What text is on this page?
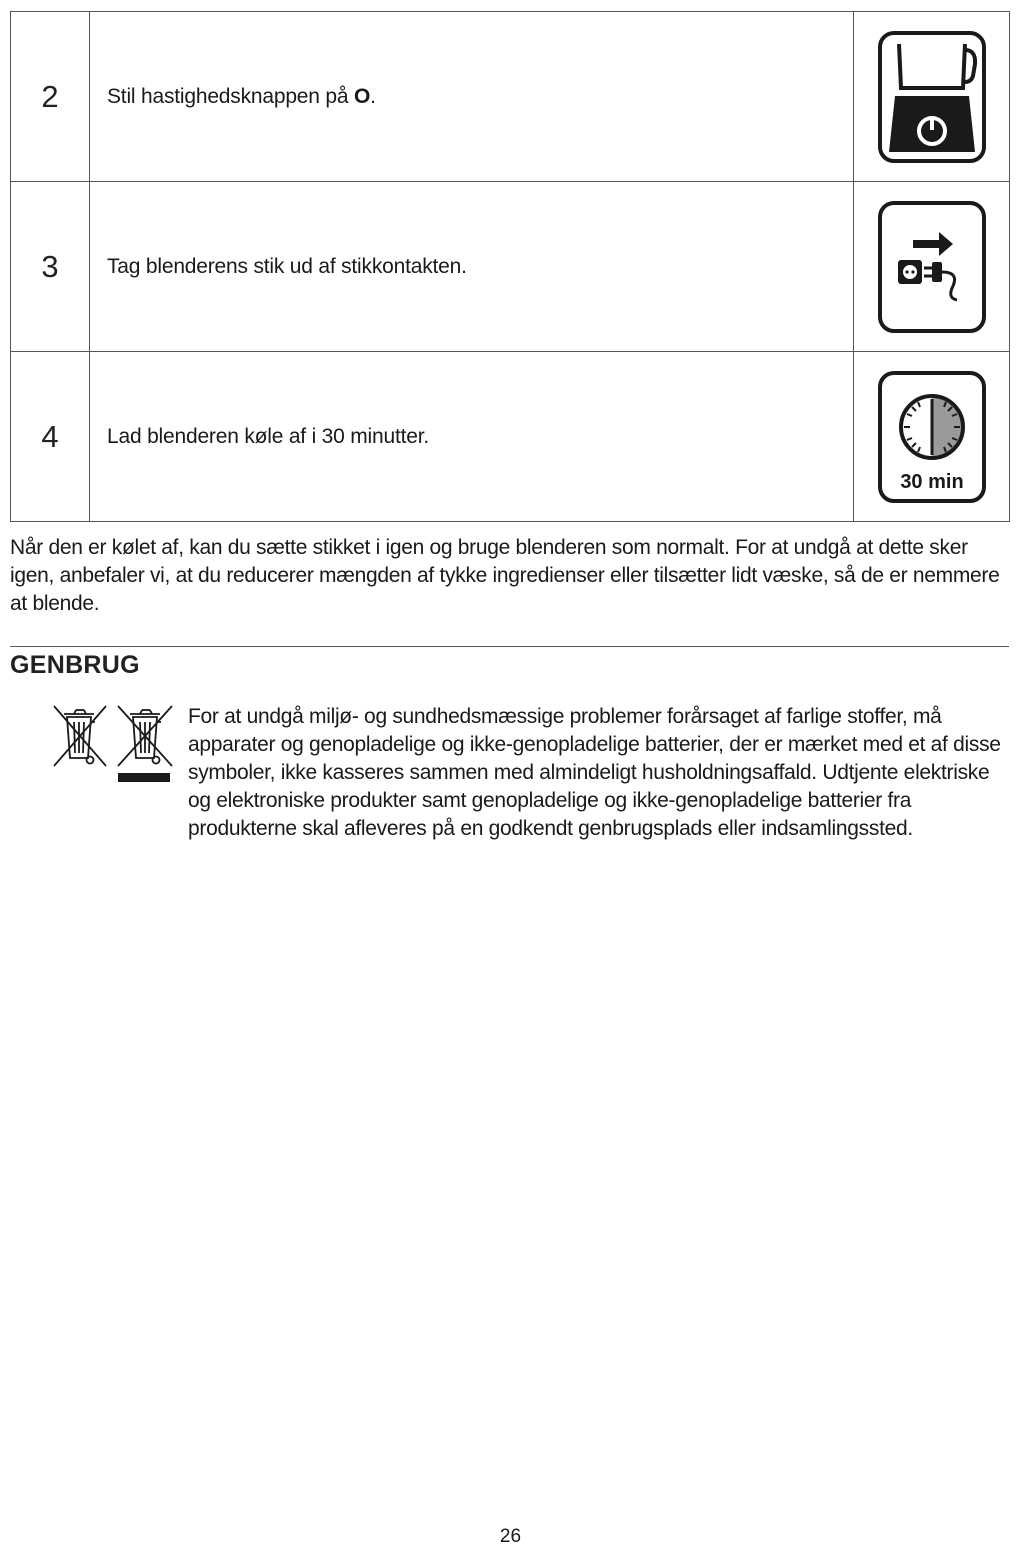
2	Stil hastighedsknappen på O.	

3	Tag blenderens stik ud af stikkontakten.	

4	Lad blenderen køle af i 30 minutter.	30 min
Når den er kølet af, kan du sætte stikket i igen og bruge blenderen som normalt. For at undgå at dette sker igen, anbefaler vi, at du reducerer mængden af tykke ingredienser eller tilsætter lidt væske, så de er nemmere at blende.
GENBRUG
For at undgå miljø- og sundhedsmæssige problemer forårsaget af farlige stoffer, må apparater og genopladelige og ikke-genopladelige batterier, der er mærket med et af disse symboler, ikke kasseres sammen med almindeligt husholdningsaffald. Udtjente elektriske og elektroniske produkter samt genopladelige og ikke-genopladelige batterier fra produkterne skal afleveres på en godkendt genbrugsplads eller indsamlingssted.
26
